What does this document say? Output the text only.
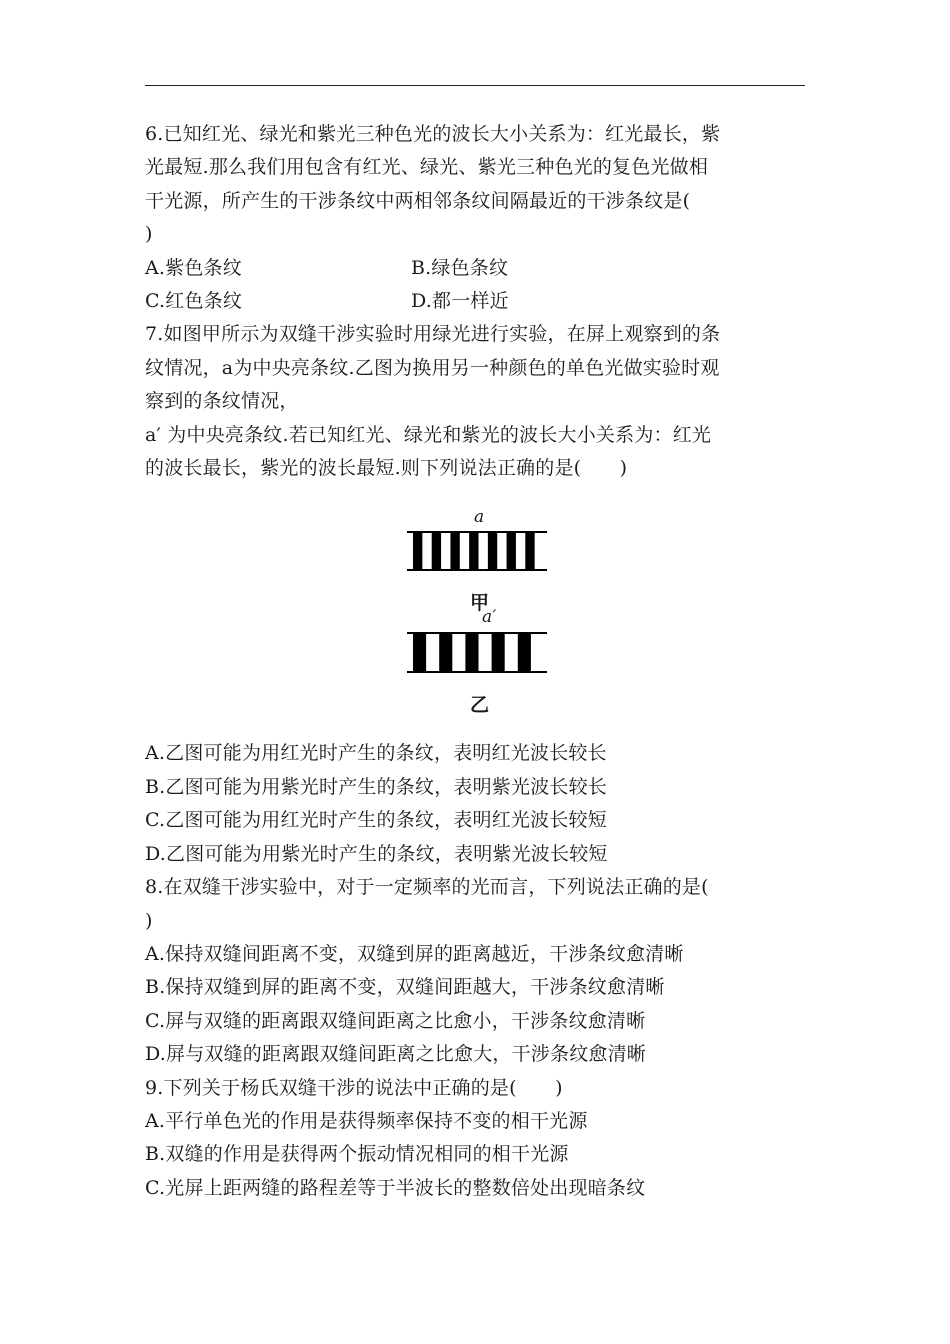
6.已知红光、绿光和紫光三种色光的波长大小关系为：红光最长，紫

光最短.那么我们用包含有红光、绿光、紫光三种色光的复色光做相

干光源，所产生的干涉条纹中两相邻条纹间隔最近的干涉条纹是(

)

A.紫色条纹	B.绿色条纹
C.红色条纹	D.都一样近

7.如图甲所示为双缝干涉实验时用绿光进行实验，在屏上观察到的条

纹情况，a为中央亮条纹.乙图为换用另一种颜色的单色光做实验时观

察到的条纹情况，

a′ 为中央亮条纹.若已知红光、绿光和紫光的波长大小关系为：红光

的波长最长，紫光的波长最短.则下列说法正确的是(　　)

a
甲
a′
乙

A.乙图可能为用红光时产生的条纹，表明红光波长较长

B.乙图可能为用紫光时产生的条纹，表明紫光波长较长

C.乙图可能为用红光时产生的条纹，表明红光波长较短

D.乙图可能为用紫光时产生的条纹，表明紫光波长较短

8.在双缝干涉实验中，对于一定频率的光而言，下列说法正确的是(

)

A.保持双缝间距离不变，双缝到屏的距离越近，干涉条纹愈清晰

B.保持双缝到屏的距离不变，双缝间距越大，干涉条纹愈清晰

C.屏与双缝的距离跟双缝间距离之比愈小，干涉条纹愈清晰

D.屏与双缝的距离跟双缝间距离之比愈大，干涉条纹愈清晰

9.下列关于杨氏双缝干涉的说法中正确的是(　　)

A.平行单色光的作用是获得频率保持不变的相干光源

B.双缝的作用是获得两个振动情况相同的相干光源

C.光屏上距两缝的路程差等于半波长的整数倍处出现暗条纹
